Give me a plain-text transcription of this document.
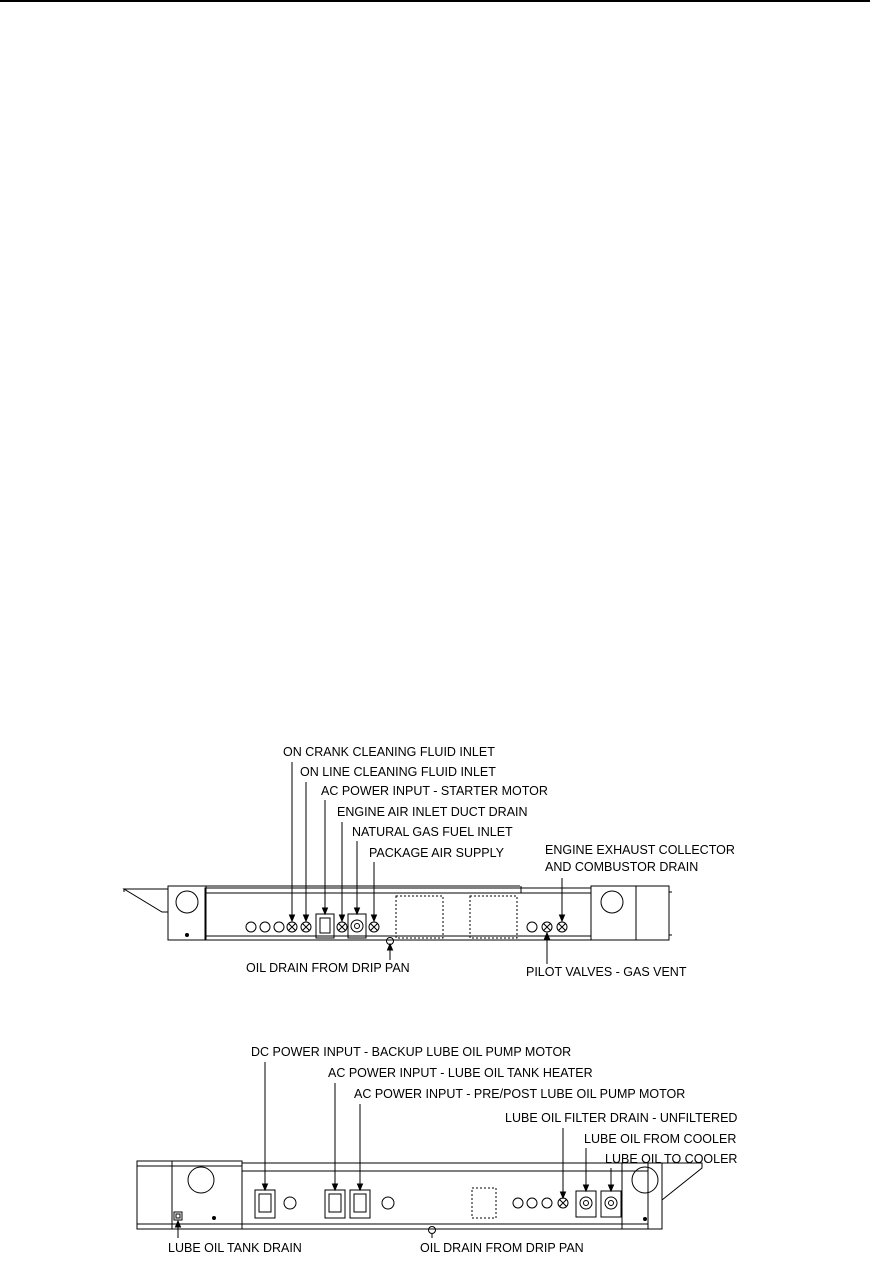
ON CRANK CLEANING FLUID INLET
ON LINE CLEANING FLUID INLET
AC POWER INPUT - STARTER MOTOR
ENGINE AIR INLET DUCT DRAIN
NATURAL GAS FUEL INLET
PACKAGE AIR SUPPLY	ENGINE EXHAUST COLLECTOR
AND COMBUSTOR DRAIN
OIL DRAIN FROM DRIP PAN	PILOT VALVES - GAS VENT
DC POWER INPUT - BACKUP LUBE OIL PUMP MOTOR
AC POWER INPUT - LUBE OIL TANK HEATER
AC POWER INPUT - PRE/POST LUBE OIL PUMP MOTOR
LUBE OIL FILTER DRAIN - UNFILTERED
LUBE OIL FROM COOLER
LUBE OIL TO COOLER
LUBE OIL TANK DRAIN	OIL DRAIN FROM DRIP PAN
